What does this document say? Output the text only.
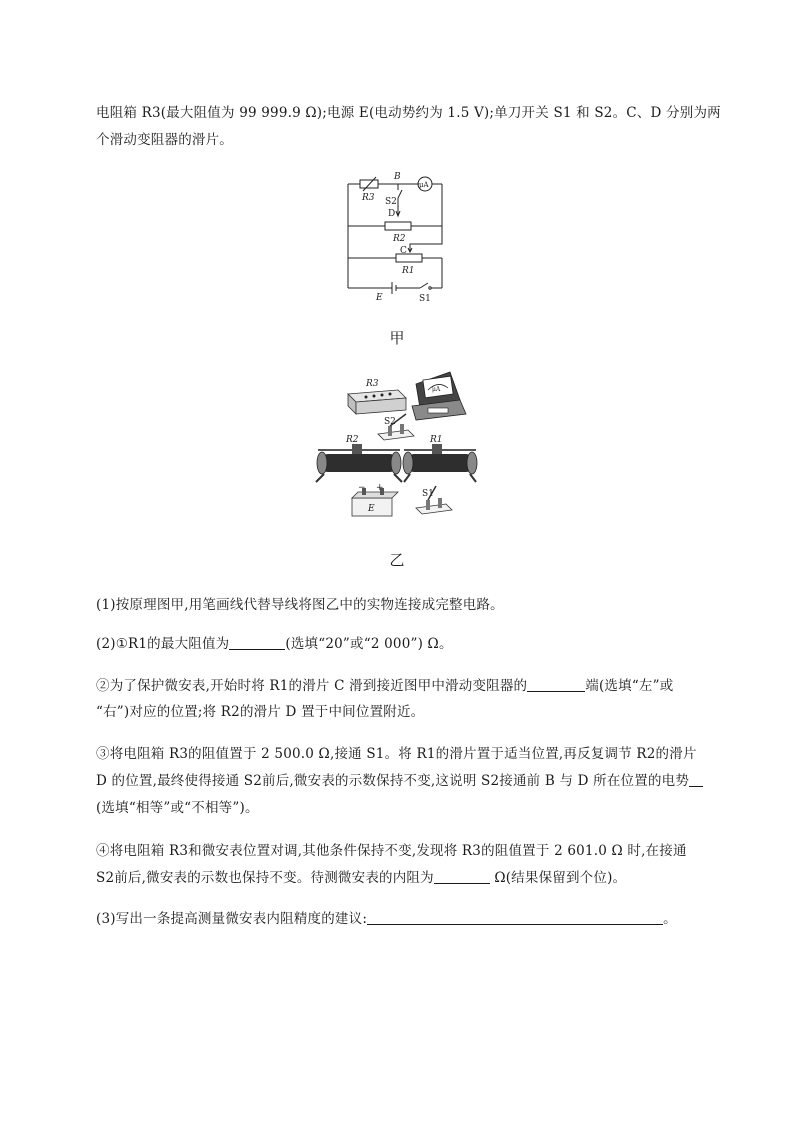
电阻箱 R3(最大阻值为 99 999.9 Ω);电源 E(电动势约为 1.5 V);单刀开关 S1 和 S2。C、D 分别为两
个滑动变阻器的滑片。
B
μA
R3 S2
D
R2
C
R1
E	S1
甲
R3
μA
S2
R2	R1
− +
E
S1
乙
(1)按原理图甲,用笔画线代替导线将图乙中的实物连接成完整电路。
(2)①R1的最大阻值为	(选填“20”或“2 000”) Ω。
②为了保护微安表,开始时将 R1的滑片 C 滑到接近图甲中滑动变阻器的	端(选填“左”或
“右”)对应的位置;将 R2的滑片 D 置于中间位置附近。
③将电阻箱 R3的阻值置于 2 500.0 Ω,接通 S1。将 R1的滑片置于适当位置,再反复调节 R2的滑片
D 的位置,最终使得接通 S2前后,微安表的示数保持不变,这说明 S2接通前 B 与 D 所在位置的电势
(选填“相等”或“不相等”)。
④将电阻箱 R3和微安表位置对调,其他条件保持不变,发现将 R3的阻值置于 2 601.0 Ω 时,在接通
S2前后,微安表的示数也保持不变。待测微安表的内阻为	Ω(结果保留到个位)。
(3)写出一条提高测量微安表内阻精度的建议:	。
